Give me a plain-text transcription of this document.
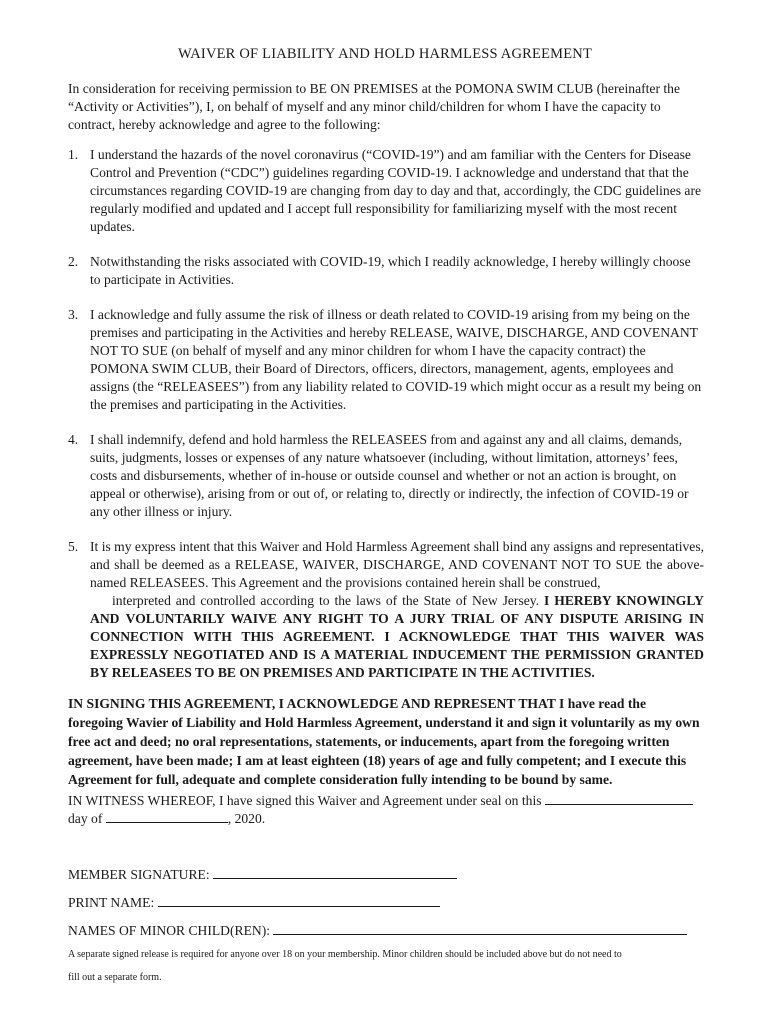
WAIVER OF LIABILITY AND HOLD HARMLESS AGREEMENT

In consideration for receiving permission to BE ON PREMISES at the POMONA SWIM CLUB (hereinafter the “Activity or Activities”), I, on behalf of myself and any minor child/children for whom I have the capacity to contract, hereby acknowledge and agree to the following:

1. I understand the hazards of the novel coronavirus (“COVID-19”) and am familiar with the Centers for Disease Control and Prevention (“CDC”) guidelines regarding COVID-19. I acknowledge and understand that that the circumstances regarding COVID-19 are changing from day to day and that, accordingly, the CDC guidelines are regularly modified and updated and I accept full responsibility for familiarizing myself with the most recent updates.
2. Notwithstanding the risks associated with COVID-19, which I readily acknowledge, I hereby willingly choose to participate in Activities.
3. I acknowledge and fully assume the risk of illness or death related to COVID-19 arising from my being on the premises and participating in the Activities and hereby RELEASE, WAIVE, DISCHARGE, AND COVENANT NOT TO SUE (on behalf of myself and any minor children for whom I have the capacity contract) the POMONA SWIM CLUB, their Board of Directors, officers, directors, management, agents, employees and assigns (the “RELEASEES”) from any liability related to COVID-19 which might occur as a result my being on the premises and participating in the Activities.
4. I shall indemnify, defend and hold harmless the RELEASEES from and against any and all claims, demands, suits, judgments, losses or expenses of any nature whatsoever (including, without limitation, attorneys’ fees, costs and disbursements, whether of in-house or outside counsel and whether or not an action is brought, on appeal or otherwise), arising from or out of, or relating to, directly or indirectly, the infection of COVID-19 or any other illness or injury.
5. It is my express intent that this Waiver and Hold Harmless Agreement shall bind any assigns and representatives, and shall be deemed as a RELEASE, WAIVER, DISCHARGE, AND COVENANT NOT TO SUE the above-named RELEASEES. This Agreement and the provisions contained herein shall be construed,
interpreted and controlled according to the laws of the State of New Jersey. I HEREBY KNOWINGLY AND VOLUNTARILY WAIVE ANY RIGHT TO A JURY TRIAL OF ANY DISPUTE ARISING IN CONNECTION WITH THIS AGREEMENT. I ACKNOWLEDGE THAT THIS WAIVER WAS EXPRESSLY NEGOTIATED AND IS A MATERIAL INDUCEMENT THE PERMISSION GRANTED BY RELEASEES TO BE ON PREMISES AND PARTICIPATE IN THE ACTIVITIES.

IN SIGNING THIS AGREEMENT, I ACKNOWLEDGE AND REPRESENT THAT I have read the foregoing Wavier of Liability and Hold Harmless Agreement, understand it and sign it voluntarily as my own free act and deed; no oral representations, statements, or inducements, apart from the foregoing written agreement, have been made; I am at least eighteen (18) years of age and fully competent; and I execute this Agreement for full, adequate and complete consideration fully intending to be bound by same.

IN WITNESS WHEREOF, I have signed this Waiver and Agreement under seal on this
day of	, 2020.

MEMBER SIGNATURE:
PRINT NAME:
NAMES OF MINOR CHILD(REN):
A separate signed release is required for anyone over 18 on your membership. Minor children should be included above but do not need to
fill out a separate form.
